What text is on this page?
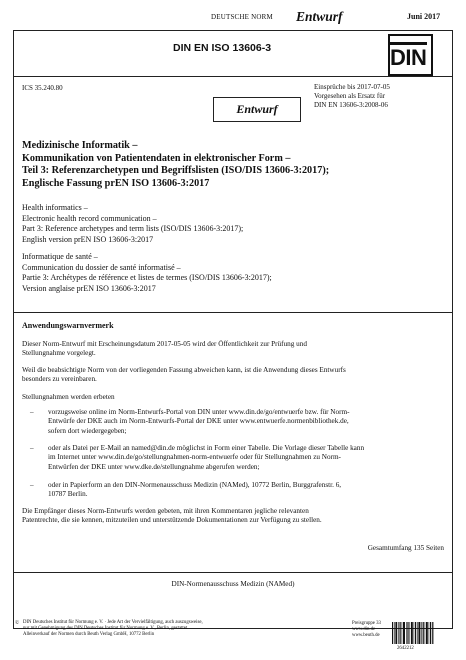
DEUTSCHE NORM Entwurf	Juni 2017
DIN EN ISO 13606-3	DIN
ICS 35.240.80	Einsprüche bis 2017-07-05
Vorgesehen als Ersatz für
DIN EN 13606-3:2008-06
Entwurf
Medizinische Informatik –
Kommunikation von Patientendaten in elektronischer Form –
Teil 3: Referenzarchetypen und Begriffslisten (ISO/DIS 13606-3:2017);
Englische Fassung prEN ISO 13606-3:2017
Health informatics –
Electronic health record communication –
Part 3: Reference archetypes and term lists (ISO/DIS 13606-3:2017);
English version prEN ISO 13606-3:2017
Informatique de santé –
Communication du dossier de santé informatisé –
Partie 3: Archétypes de référence et listes de termes (ISO/DIS 13606-3:2017);
Version anglaise prEN ISO 13606-3:2017
Anwendungswarnvermerk
Dieser Norm-Entwurf mit Erscheinungsdatum 2017-05-05 wird der Öffentlichkeit zur Prüfung und
Stellungnahme vorgelegt.
Weil die beabsichtigte Norm von der vorliegenden Fassung abweichen kann, ist die Anwendung dieses Entwurfs
besonders zu vereinbaren.
Stellungnahmen werden erbeten
– vorzugsweise online im Norm-Entwurfs-Portal von DIN unter www.din.de/go/entwuerfe bzw. für Norm-
Entwürfe der DKE auch im Norm-Entwurfs-Portal der DKE unter www.entwuerfe.normenbibliothek.de,
sofern dort wiedergegeben;
– oder als Datei per E-Mail an named@din.de möglichst in Form einer Tabelle. Die Vorlage dieser Tabelle kann
im Internet unter www.din.de/go/stellungnahmen-norm-entwuerfe oder für Stellungnahmen zu Norm-
Entwürfen der DKE unter www.dke.de/stellungnahme abgerufen werden;
– oder in Papierform an den DIN-Normenausschuss Medizin (NAMed), 10772 Berlin, Burggrafenstr. 6,
10787 Berlin.
Die Empfänger dieses Norm-Entwurfs werden gebeten, mit ihren Kommentaren jegliche relevanten
Patentrechte, die sie kennen, mitzuteilen und unterstützende Dokumentationen zur Verfügung zu stellen.
Gesamtumfang 135 Seiten
DIN-Normenausschuss Medizin (NAMed)
© DIN Deutsches Institut für Normung e. V. · Jede Art der Vervielfältigung, auch auszugsweise,
nur mit Genehmigung des DIN Deutsches Institut für Normung e. V., Berlin, gestattet.
Alleinverkauf der Normen durch Beuth Verlag GmbH, 10772 Berlin
Preisgruppe 33
www.din.de
www.beuth.de
2642212
